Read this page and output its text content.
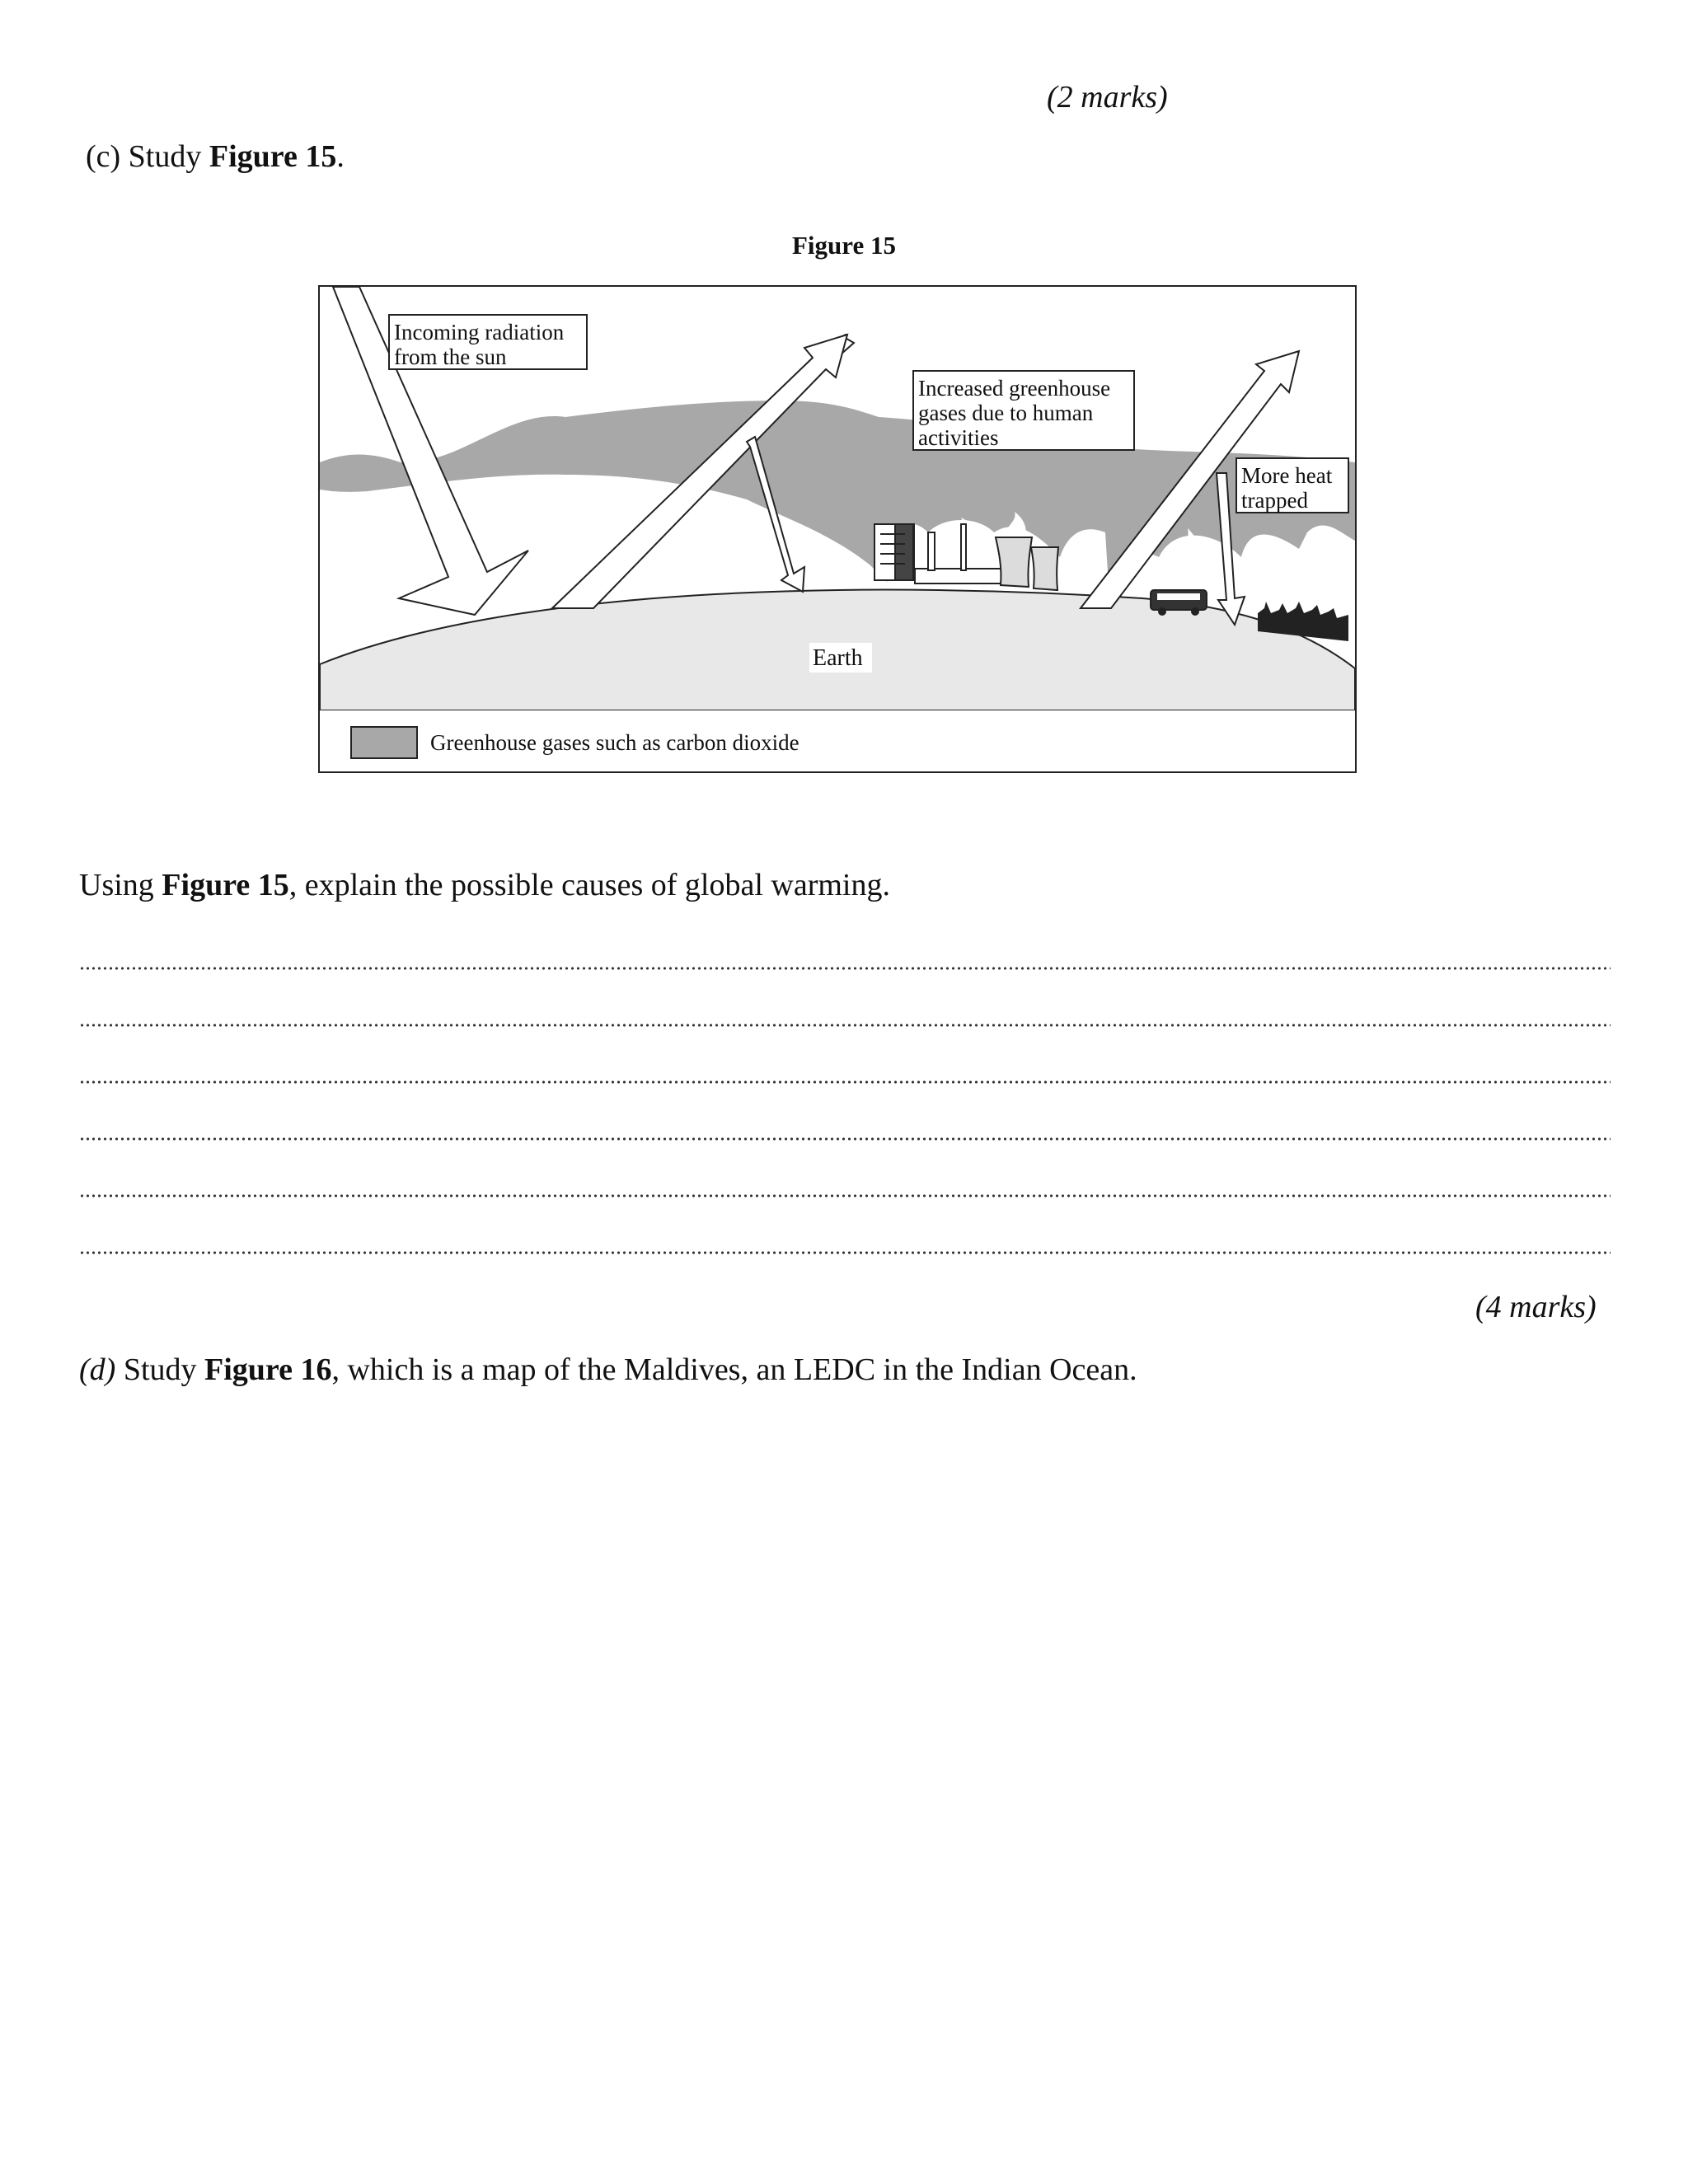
(2 marks)
(c) Study Figure 15.
Figure 15
Incoming radiation
from the sun
Increased greenhouse
gases due to human
activities
More heat
trapped
Earth
Greenhouse gases such as carbon dioxide
Using Figure 15, explain the possible causes of global warming.
(4 marks)
(d) Study Figure 16, which is a map of the Maldives, an LEDC in the Indian Ocean.
